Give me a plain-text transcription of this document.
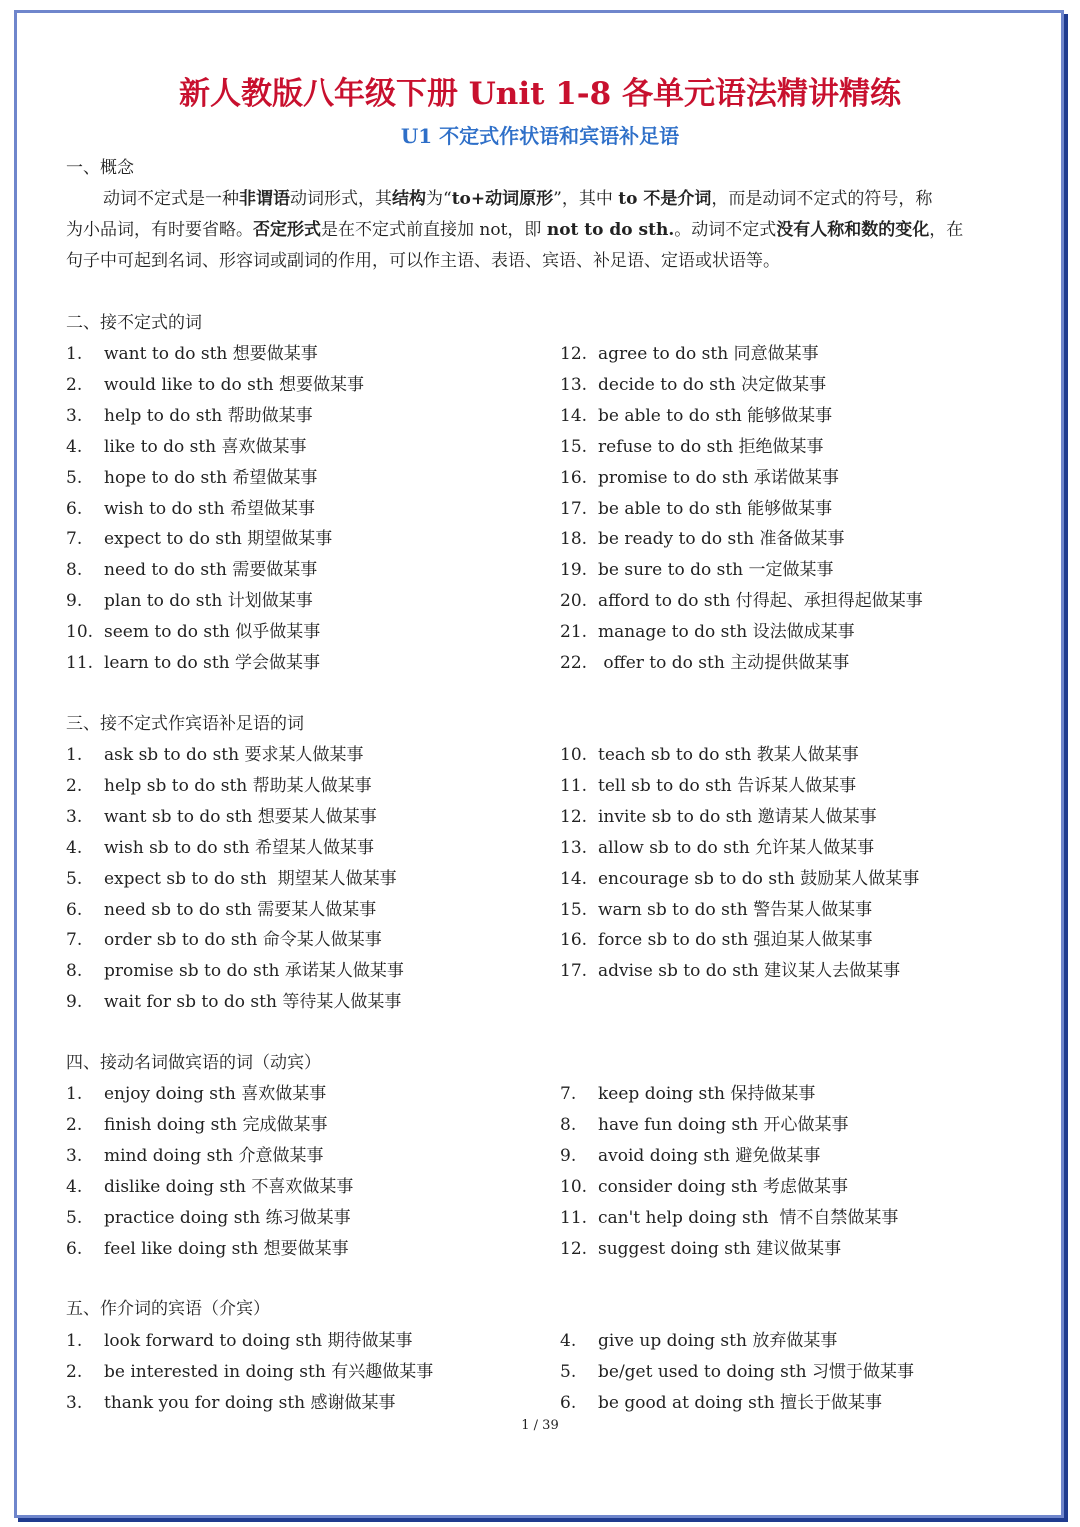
新人教版八年级下册 Unit 1-8 各单元语法精讲精练
U1 不定式作状语和宾语补足语
一、概念
动词不定式是一种非谓语动词形式，其结构为“to+动词原形”，其中 to 不是介词，而是动词不定式的符号，称
为小品词，有时要省略。否定形式是在不定式前直接加 not，即 not to do sth.。动词不定式没有人称和数的变化，在
句子中可起到名词、形容词或副词的作用，可以作主语、表语、宾语、补足语、定语或状语等。
二、接不定式的词
三、接不定式作宾语补足语的词
四、接动名词做宾语的词（动宾）
五、作介词的宾语（介宾）
1. want to do sth 想要做某事
2. would like to do sth 想要做某事
3. help to do sth 帮助做某事
4. like to do sth 喜欢做某事
5. hope to do sth 希望做某事
6. wish to do sth 希望做某事
7. expect to do sth 期望做某事
8. need to do sth 需要做某事
9. plan to do sth 计划做某事
10. seem to do sth 似乎做某事
11. learn to do sth 学会做某事
12. agree to do sth 同意做某事
13. decide to do sth 决定做某事
14. be able to do sth 能够做某事
15. refuse to do sth 拒绝做某事
16. promise to do sth 承诺做某事
17. be able to do sth 能够做某事
18. be ready to do sth 准备做某事
19. be sure to do sth 一定做某事
20. afford to do sth 付得起、承担得起做某事
21. manage to do sth 设法做成某事
22. offer to do sth 主动提供做某事
1. ask sb to do sth 要求某人做某事
2. help sb to do sth 帮助某人做某事
3. want sb to do sth 想要某人做某事
4. wish sb to do sth 希望某人做某事
5. expect sb to do sth  期望某人做某事
6. need sb to do sth 需要某人做某事
7. order sb to do sth 命令某人做某事
8. promise sb to do sth 承诺某人做某事
9. wait for sb to do sth 等待某人做某事
10. teach sb to do sth 教某人做某事
11. tell sb to do sth 告诉某人做某事
12. invite sb to do sth 邀请某人做某事
13. allow sb to do sth 允许某人做某事
14. encourage sb to do sth 鼓励某人做某事
15. warn sb to do sth 警告某人做某事
16. force sb to do sth 强迫某人做某事
17. advise sb to do sth 建议某人去做某事
1. enjoy doing sth 喜欢做某事
2. finish doing sth 完成做某事
3. mind doing sth 介意做某事
4. dislike doing sth 不喜欢做某事
5. practice doing sth 练习做某事
6. feel like doing sth 想要做某事
7. keep doing sth 保持做某事
8. have fun doing sth 开心做某事
9. avoid doing sth 避免做某事
10. consider doing sth 考虑做某事
11. can't help doing sth  情不自禁做某事
12. suggest doing sth 建议做某事
1. look forward to doing sth 期待做某事
2. be interested in doing sth 有兴趣做某事
3. thank you for doing sth 感谢做某事
4. give up doing sth 放弃做某事
5. be/get used to doing sth 习惯于做某事
6. be good at doing sth 擅长于做某事
1 / 39
